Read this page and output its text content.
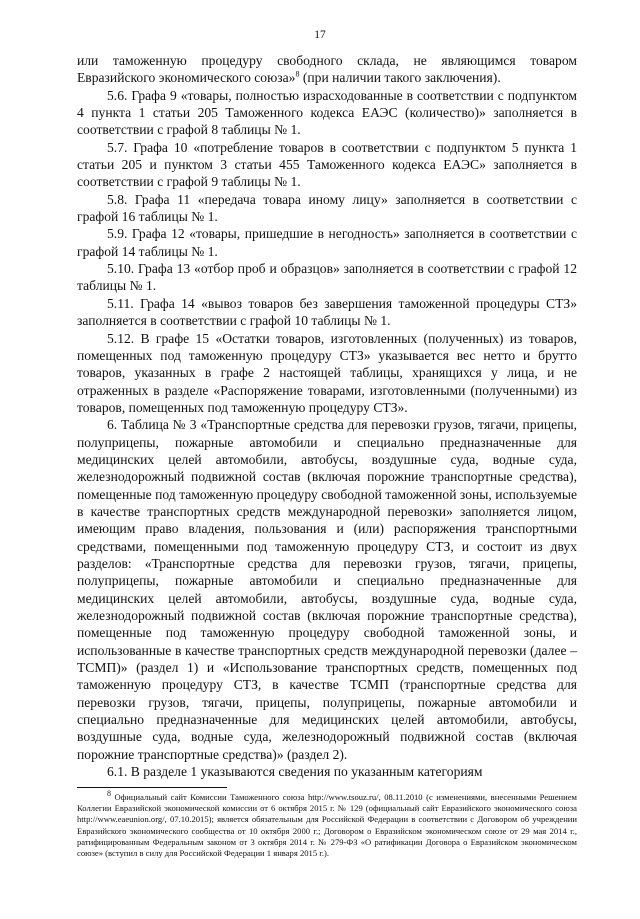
17

или таможенную процедуру свободного склада, не являющимся товаром Евразийского экономического союза»$^8$ (при наличии такого заключения).

5.6. Графа 9 «товары, полностью израсходованные в соответствии с подпунктом 4 пункта 1 статьи 205 Таможенного кодекса ЕАЭС (количество)» заполняется в соответствии с графой 8 таблицы № 1.

5.7. Графа 10 «потребление товаров в соответствии с подпунктом 5 пункта 1 статьи 205 и пунктом 3 статьи 455 Таможенного кодекса ЕАЭС» заполняется в соответствии с графой 9 таблицы № 1.

5.8. Графа 11 «передача товара иному лицу» заполняется в соответствии с графой 16 таблицы № 1.

5.9. Графа 12 «товары, пришедшие в негодность» заполняется в соответствии с графой 14 таблицы № 1.

5.10. Графа 13 «отбор проб и образцов» заполняется в соответствии с графой 12 таблицы № 1.

5.11. Графа 14 «вывоз товаров без завершения таможенной процедуры СТЗ» заполняется в соответствии с графой 10 таблицы № 1.

5.12. В графе 15 «Остатки товаров, изготовленных (полученных) из товаров, помещенных под таможенную процедуру СТЗ» указывается вес нетто и брутто товаров, указанных в графе 2 настоящей таблицы, хранящихся у лица, и не отраженных в разделе «Распоряжение товарами, изготовленными (полученными) из товаров, помещенных под таможенную процедуру СТЗ».

6. Таблица № 3 «Транспортные средства для перевозки грузов, тягачи, прицепы, полуприцепы, пожарные автомобили и специально предназначенные для медицинских целей автомобили, автобусы, воздушные суда, водные суда, железнодорожный подвижной состав (включая порожние транспортные средства), помещенные под таможенную процедуру свободной таможенной зоны, используемые в качестве транспортных средств международной перевозки» заполняется лицом, имеющим право владения, пользования и (или) распоряжения транспортными средствами, помещенными под таможенную процедуру СТЗ, и состоит из двух разделов: «Транспортные средства для перевозки грузов, тягачи, прицепы, полуприцепы, пожарные автомобили и специально предназначенные для медицинских целей автомобили, автобусы, воздушные суда, водные суда, железнодорожный подвижной состав (включая порожние транспортные средства), помещенные под таможенную процедуру свободной таможенной зоны, и использованные в качестве транспортных средств международной перевозки (далее – ТСМП)» (раздел 1) и «Использование транспортных средств, помещенных под таможенную процедуру СТЗ, в качестве ТСМП (транспортные средства для перевозки грузов, тягачи, прицепы, полуприцепы, пожарные автомобили и специально предназначенные для медицинских целей автомобили, автобусы, воздушные суда, водные суда, железнодорожный подвижной состав (включая порожние транспортные средства)» (раздел 2).

6.1. В разделе 1 указываются сведения по указанным категориям

$^8$ Официальный сайт Комиссии Таможенного союза http://www.tsouz.ru/, 08.11.2010 (с изменениями, внесенными Решением Коллегии Евразийской экономической комиссии от 6 октября 2015 г. № 129 (официальный сайт Евразийского экономического союза http://www.eaeunion.org/, 07.10.2015); является обязательным для Российской Федерации в соответствии с Договором об учреждении Евразийского экономического сообщества от 10 октября 2000 г.; Договором о Евразийском экономическом союзе от 29 мая 2014 г., ратифицированным Федеральным законом от 3 октября 2014 г. № 279-ФЗ «О ратификации Договора о Евразийском экономическом союзе» (вступил в силу для Российской Федерации 1 января 2015 г.).
